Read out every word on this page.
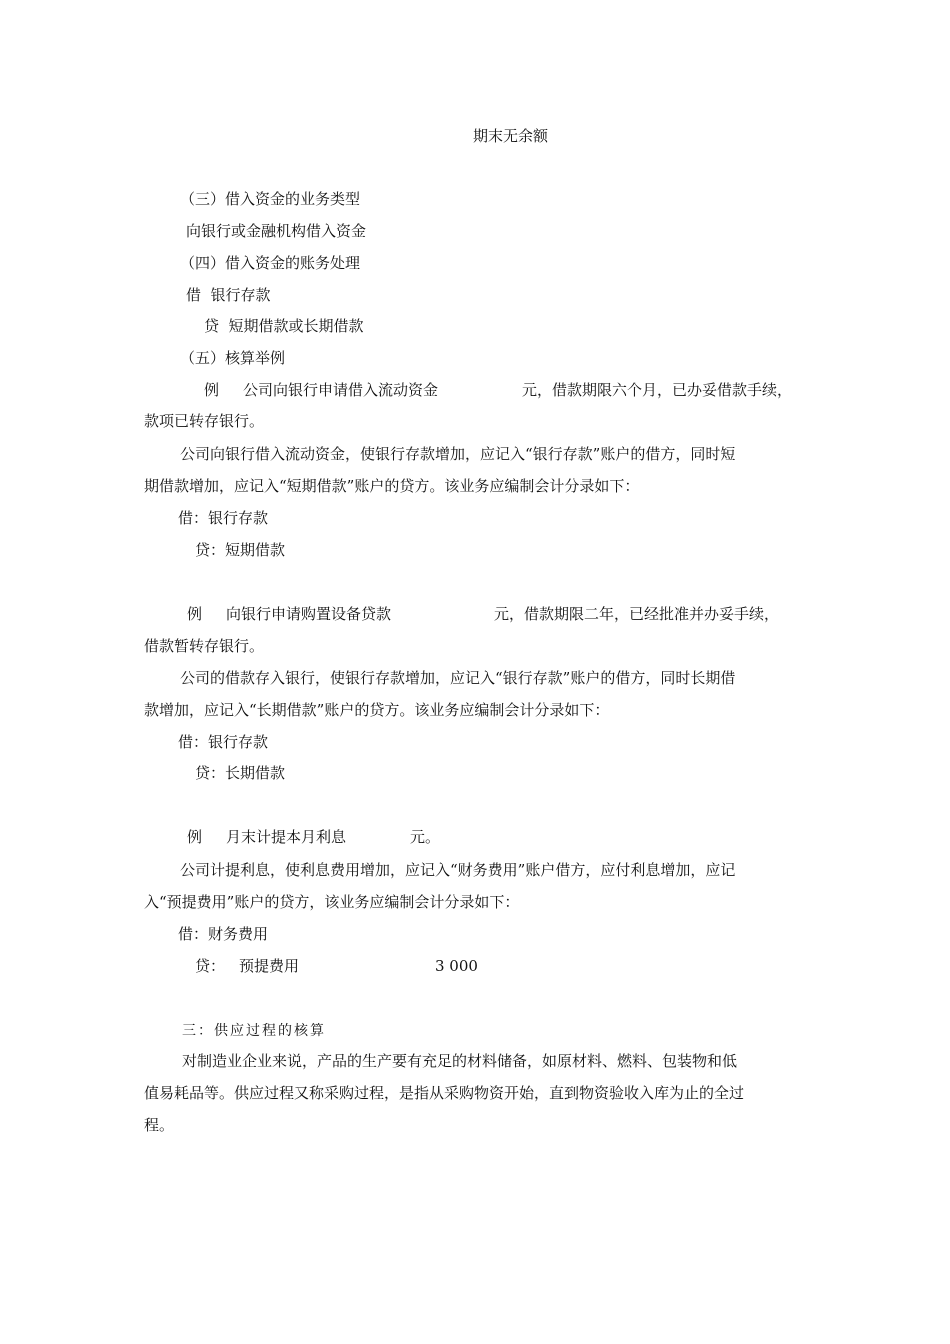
期末无余额
（三）借入资金的业务类型
向银行或金融机构借入资金
（四）借入资金的账务处理
借  银行存款
贷  短期借款或长期借款
（五）核算举例
例 公司向银行申请借入流动资金	元，借款期限六个月，已办妥借款手续，
款项已转存银行。
公司向银行借入流动资金，使银行存款增加，应记入“银行存款”账户的借方，同时短
期借款增加，应记入“短期借款”账户的贷方。该业务应编制会计分录如下：
借：银行存款
贷：短期借款
例 向银行申请购置设备贷款	元，借款期限二年，已经批准并办妥手续，
借款暂转存银行。
公司的借款存入银行，使银行存款增加，应记入“银行存款”账户的借方，同时长期借
款增加，应记入“长期借款”账户的贷方。该业务应编制会计分录如下：
借：银行存款
贷：长期借款
例 月末计提本月利息	元。
公司计提利息，使利息费用增加，应记入“财务费用”账户借方，应付利息增加，应记
入“预提费用”账户的贷方，该业务应编制会计分录如下：
借：财务费用
贷： 预提费用	3 000
三：供应过程的核算
对制造业企业来说，产品的生产要有充足的材料储备，如原材料、燃料、包装物和低
值易耗品等。供应过程又称采购过程，是指从采购物资开始，直到物资验收入库为止的全过
程。
